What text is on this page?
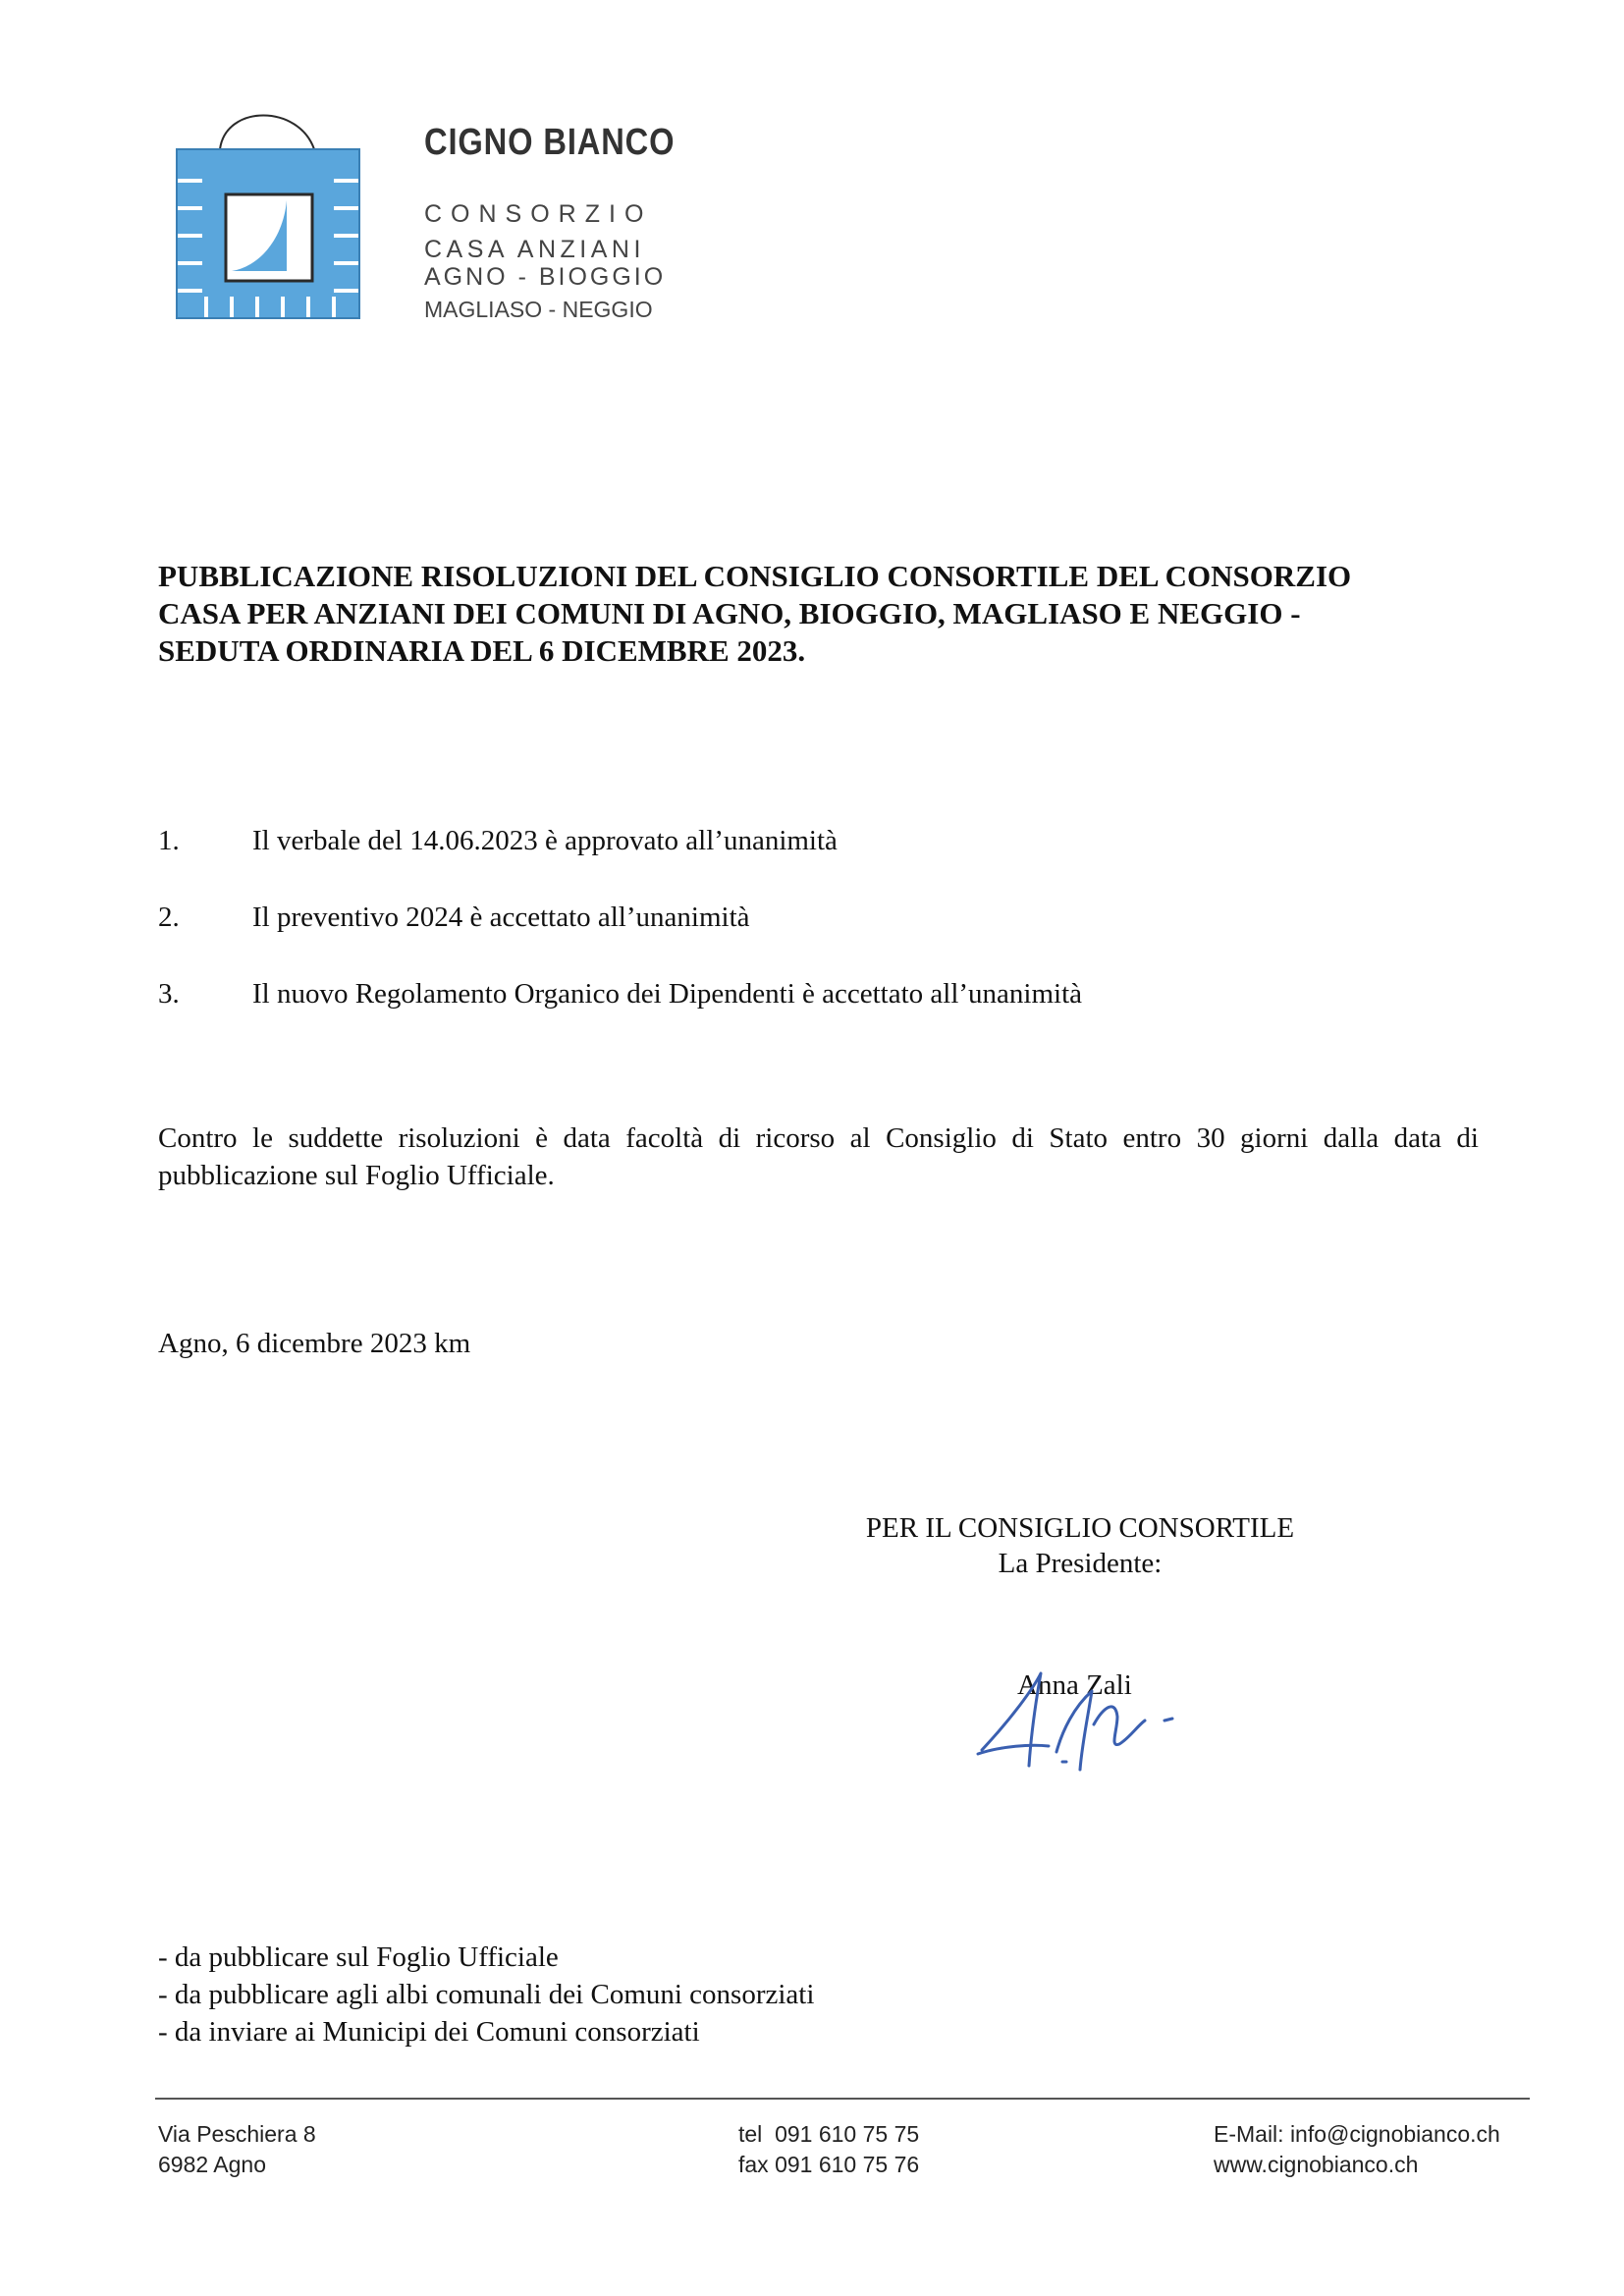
CIGNO BIANCO
CONSORZIO
CASA ANZIANI
AGNO - BIOGGIO
MAGLIASO - NEGGIO
PUBBLICAZIONE RISOLUZIONI DEL CONSIGLIO CONSORTILE DEL CONSORZIO
CASA PER ANZIANI DEI COMUNI DI AGNO, BIOGGIO, MAGLIASO E NEGGIO -
SEDUTA ORDINARIA DEL 6 DICEMBRE 2023.
1.	Il verbale del 14.06.2023 è approvato all’unanimità
2.	Il preventivo 2024 è accettato all’unanimità
3.	Il nuovo Regolamento Organico dei Dipendenti è accettato all’unanimità
Contro le suddette risoluzioni è data facoltà di ricorso al Consiglio di Stato entro 30 giorni dalla data di pubblicazione sul Foglio Ufficiale.
Agno, 6 dicembre 2023 km
PER IL CONSIGLIO CONSORTILE
La Presidente:
Anna Zali
- da pubblicare sul Foglio Ufficiale
- da pubblicare agli albi comunali dei Comuni consorziati
- da inviare ai Municipi dei Comuni consorziati
Via Peschiera 8
6982 Agno
tel  091 610 75 75
fax 091 610 75 76
E-Mail: info@cignobianco.ch
www.cignobianco.ch
